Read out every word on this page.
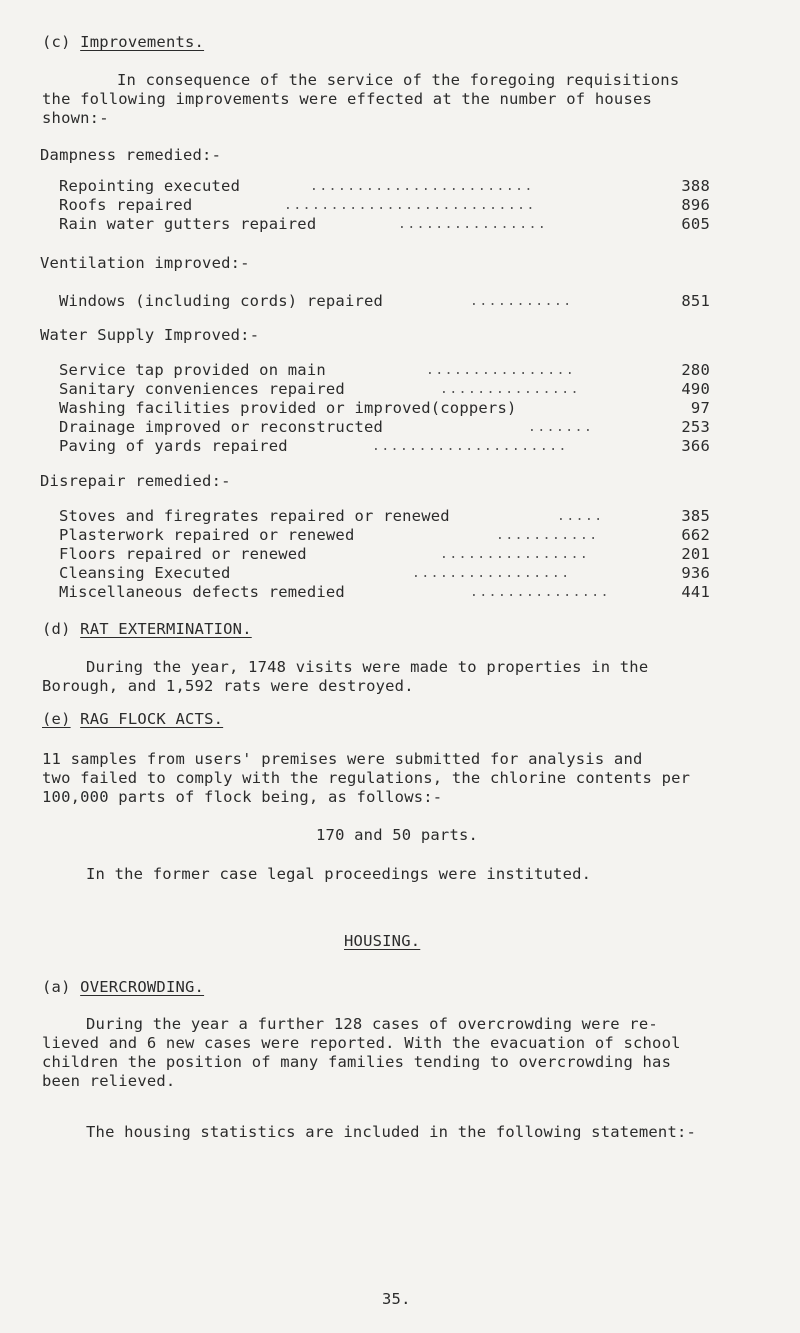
(c) Improvements.
In consequence of the service of the foregoing requisitions
the following improvements were effected at the number of houses
shown:-
Dampness remedied:-
Repointing executed	........................	388
Roofs repaired	...........................	896
Rain water gutters repaired	................	605
Ventilation improved:-
Windows (including cords) repaired	...........	851
Water Supply Improved:-
Service tap provided on main	................	280
Sanitary conveniences repaired	...............	490
Washing facilities provided or improved(coppers)	97
Drainage improved or reconstructed	.......	253
Paving of yards repaired	.....................	366
Disrepair remedied:-
Stoves and firegrates repaired or renewed	.....	385
Plasterwork repaired or renewed	...........	662
Floors repaired or renewed	................	201
Cleansing Executed	.................	936
Miscellaneous defects remedied	...............	441
(d) RAT EXTERMINATION.
During the year, 1748 visits were made to properties in the
Borough, and 1,592 rats were destroyed.
(e) RAG FLOCK ACTS.
11 samples from users' premises were submitted for analysis and
two failed to comply with the regulations, the chlorine contents per
100,000 parts of flock being, as follows:-
170 and 50 parts.
In the former case legal proceedings were instituted.
HOUSING.
(a) OVERCROWDING.
During the year a further 128 cases of overcrowding were re-
lieved and 6 new cases were reported. With the evacuation of school
children the position of many families tending to overcrowding has
been relieved.
The housing statistics are included in the following statement:-
35.
